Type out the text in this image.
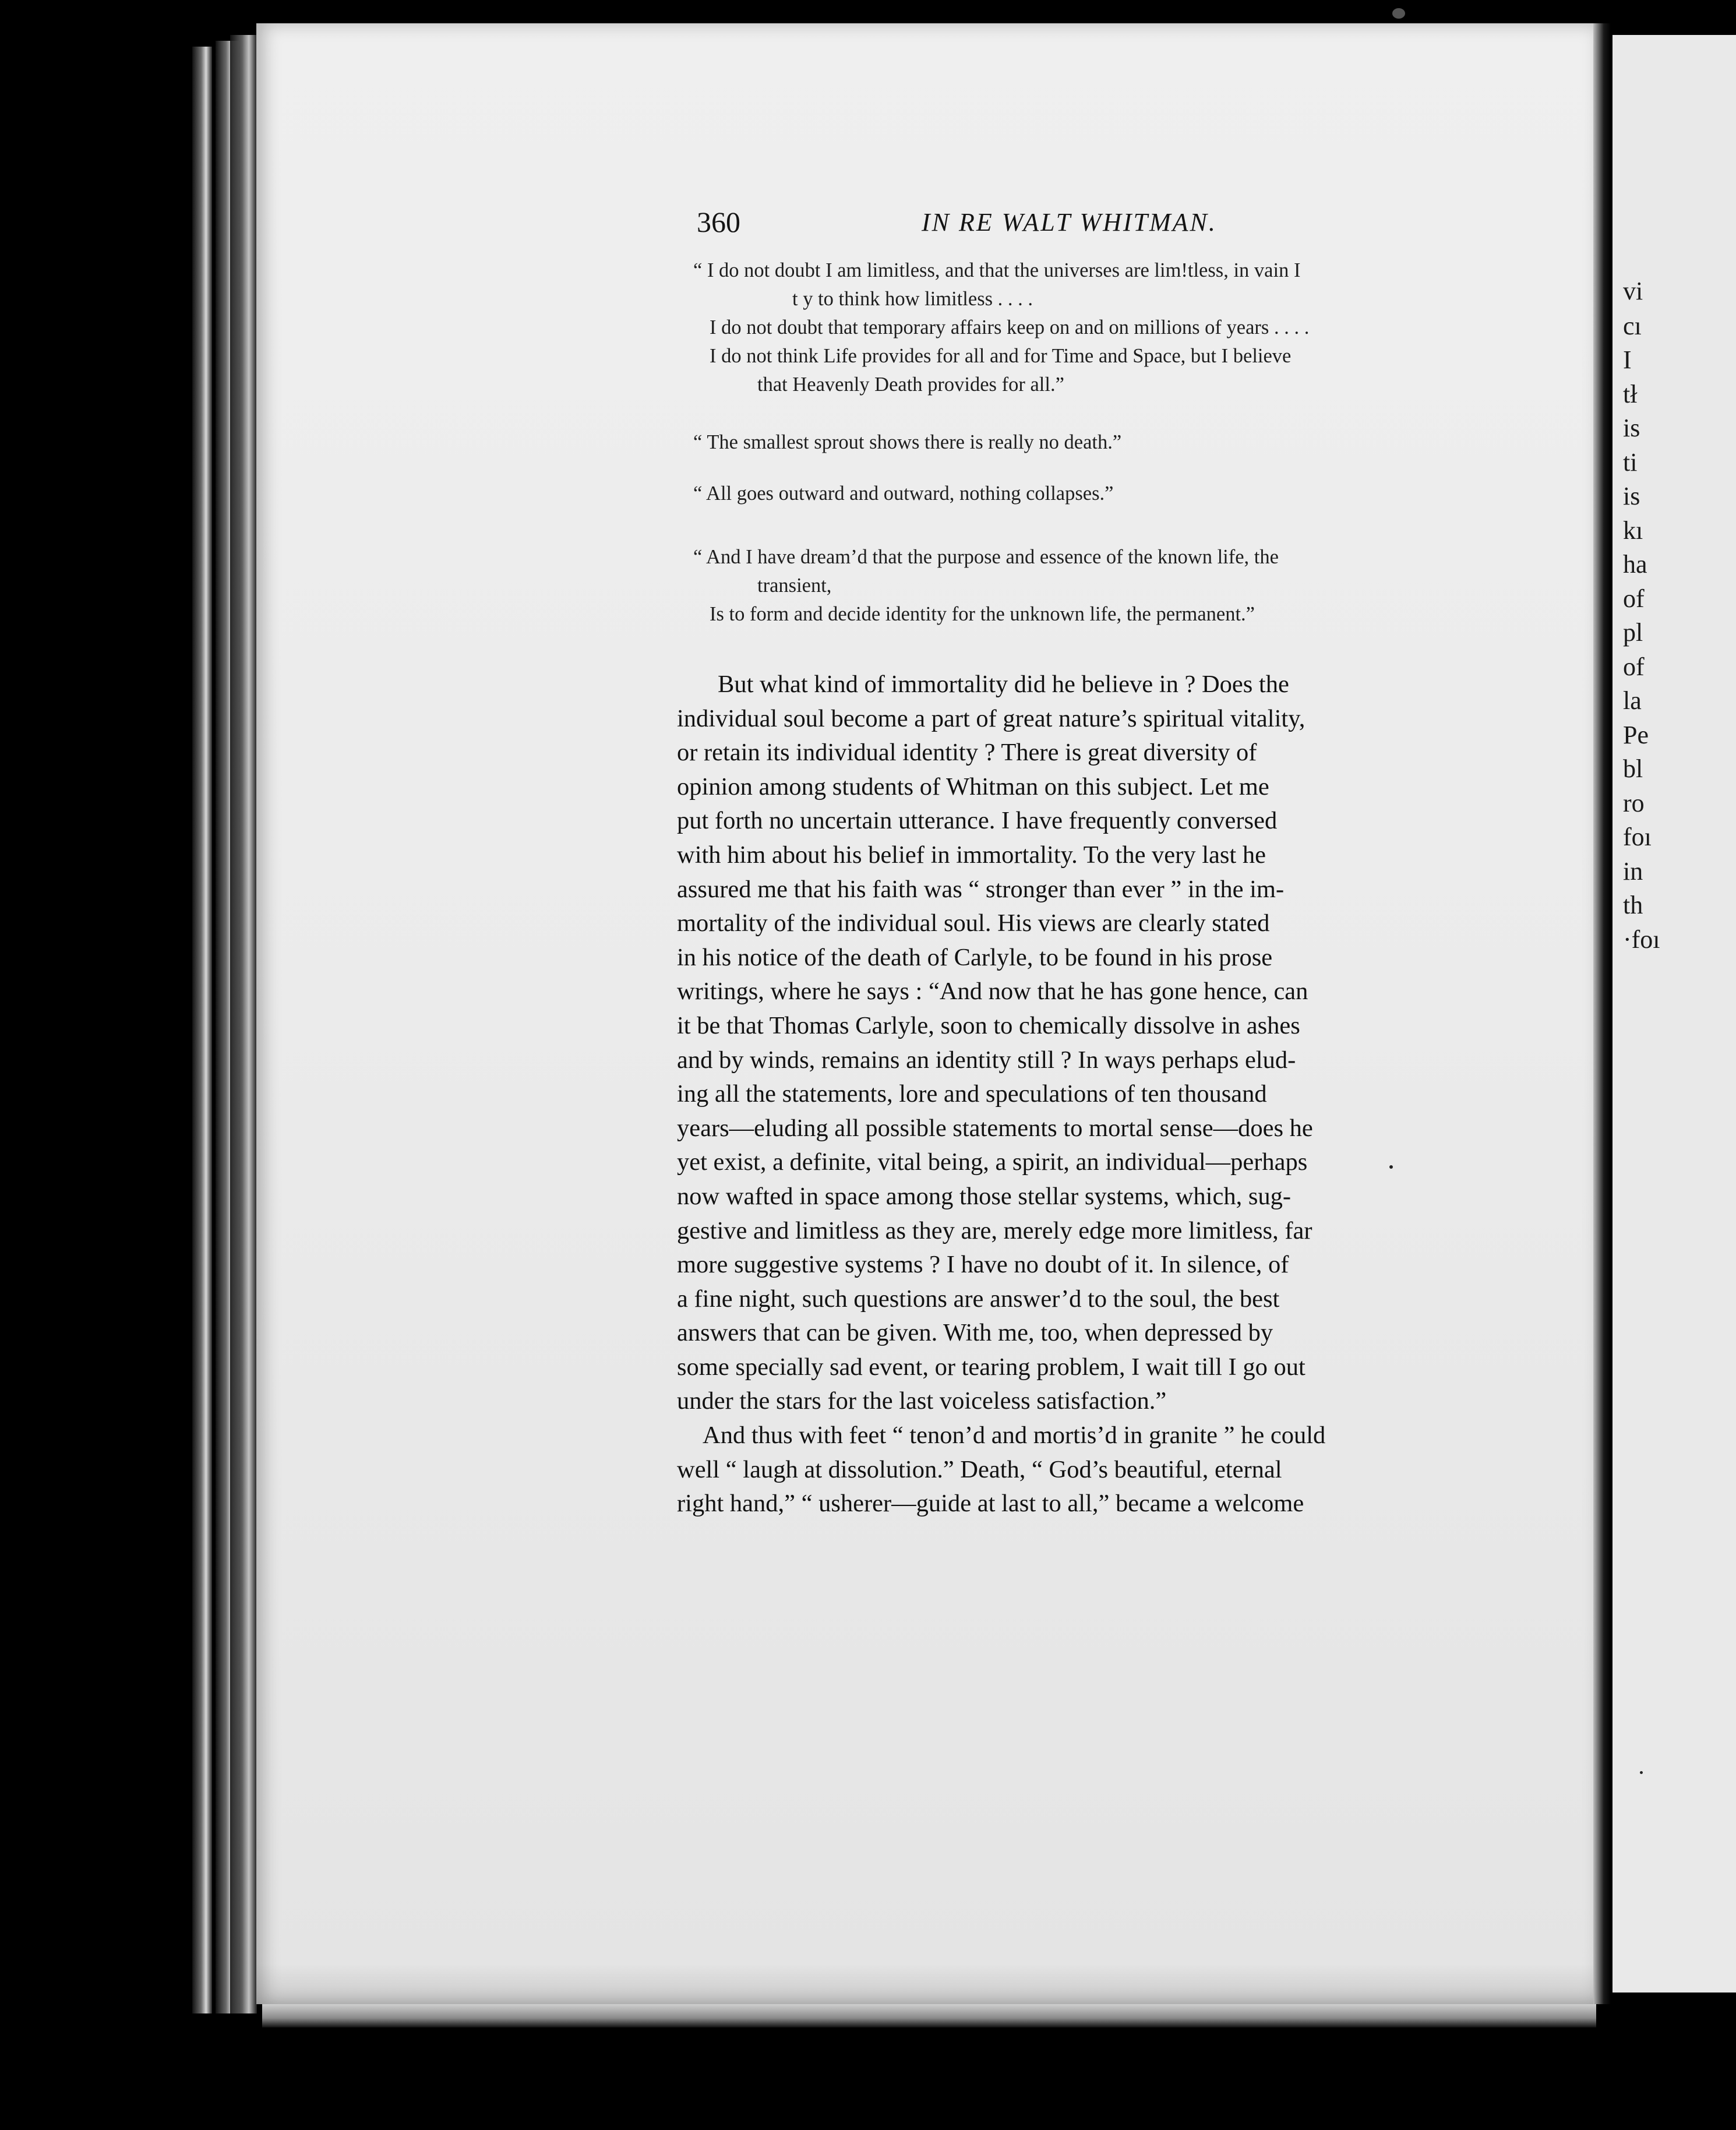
360	IN RE WALT WHITMAN.
“ I do not doubt I am limitless, and that the universes are lim!tless, in vain I
t y to think how limitless . . . .
I do not doubt that temporary affairs keep on and on millions of years . . . .
I do not think Life provides for all and for Time and Space, but I believe
that Heavenly Death provides for all.”
“ The smallest sprout shows there is really no death.”
“ All goes outward and outward, nothing collapses.”
“ And I have dream’d that the purpose and essence of the known life, the
transient,
Is to form and decide identity for the unknown life, the permanent.”
But what kind of immortality did he believe in ? Does the
individual soul become a part of great nature’s spiritual vitality,
or retain its individual identity ? There is great diversity of
opinion among students of Whitman on this subject. Let me
put forth no uncertain utterance. I have frequently conversed
with him about his belief in immortality. To the very last he
assured me that his faith was “ stronger than ever ” in the im-
mortality of the individual soul. His views are clearly stated
in his notice of the death of Carlyle, to be found in his prose
writings, where he says : “And now that he has gone hence, can
it be that Thomas Carlyle, soon to chemically dissolve in ashes
and by winds, remains an identity still ? In ways perhaps elud-
ing all the statements, lore and speculations of ten thousand
years—eluding all possible statements to mortal sense—does he
yet exist, a definite, vital being, a spirit, an individual—perhaps
now wafted in space among those stellar systems, which, sug-
gestive and limitless as they are, merely edge more limitless, far
more suggestive systems ? I have no doubt of it. In silence, of
a fine night, such questions are answer’d to the soul, the best
answers that can be given. With me, too, when depressed by
some specially sad event, or tearing problem, I wait till I go out
under the stars for the last voiceless satisfaction.”
And thus with feet “ tenon’d and mortis’d in granite ” he could
well “ laugh at dissolution.” Death, “ God’s beautiful, eternal
right hand,” “ usherer—guide at last to all,” became a welcome
vi
cı
I
tł
is
ti
is
kı
ha
of
pl
of
la
Pe
bl
ro
foı
in
th
·foı
